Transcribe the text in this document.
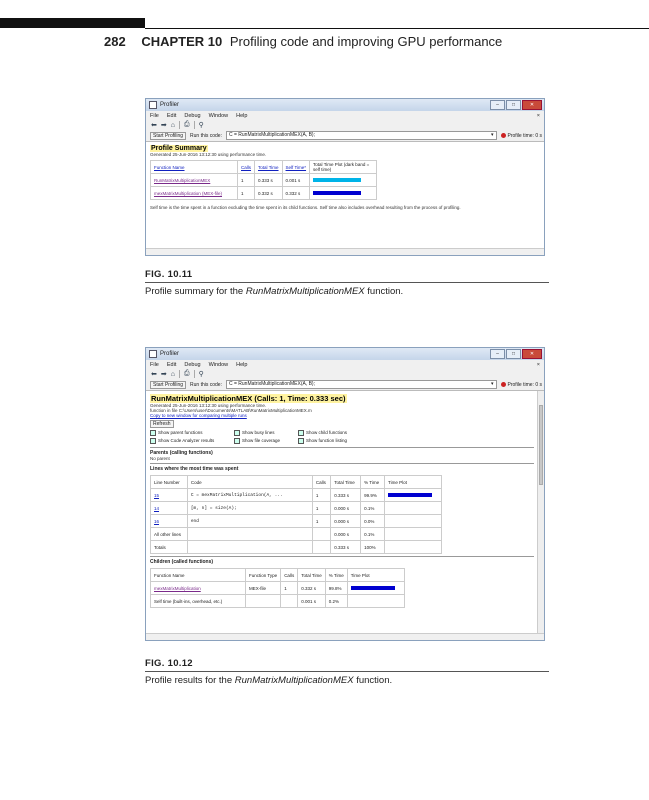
282 CHAPTER 10 Profiling code and improving GPU performance
Profiler	–	□	✕
File Edit Debug Window Help	×
⬅ ➡ ⌂ ⎙ ⚲
Start Profiling	Run this code:	C = RunMatrixMultiplicationMEX(A, B);	▾	Profile time: 0 s
Profile Summary
Generated 25-Jun-2016 13:12:30 using performance time.
Function Name	Calls	Total Time	Self Time*	Total Time Plot (dark band = self time)
RunMatrixMultiplicationMEX	1	0.333 s	0.001 s	
mexMatrixMultiplication (MEX-file)	1	0.332 s	0.332 s	
Self time is the time spent in a function excluding the time spent in its child functions. Self time also includes overhead resulting from the process of profiling.
FIG. 10.11
Profile summary for the RunMatrixMultiplicationMEX function.
Profiler	–	□	✕
File Edit Debug Window Help	×
⬅ ➡ ⌂ ⎙ ⚲
Start Profiling	Run this code:	C = RunMatrixMultiplicationMEX(A, B);	▾	Profile time: 0 s
RunMatrixMultiplicationMEX (Calls: 1, Time: 0.333 sec)
Generated 25-Jun-2016 13:12:30 using performance time.
function in file C:\Users\user\Documents\MATLAB\RunMatrixMultiplicationMEX.m
Copy to new window for comparing multiple runs
Refresh
Show parent functions	Show busy lines	Show child functions
Show Code Analyzer results	Show file coverage	Show function listing
Parents (calling functions)
No parent
Lines where the most time was spent
Line Number	Code	Calls	Total Time	% Time	Time Plot
15	C = mexMatrixMultiplication(A, ...	1	0.333 s	99.9%	
14	[m, n] = size(A);	1	0.000 s	0.1%	
16	end	1	0.000 s	0.0%	
All other lines			0.000 s	0.1%	
Totals			0.333 s	100%	
Children (called functions)
Function Name	Function Type	Calls	Total Time	% Time	Time Plot
mexMatrixMultiplication	MEX-file	1	0.332 s	99.8%	
Self time (built-ins, overhead, etc.)			0.001 s	0.2%	
FIG. 10.12
Profile results for the RunMatrixMultiplicationMEX function.
